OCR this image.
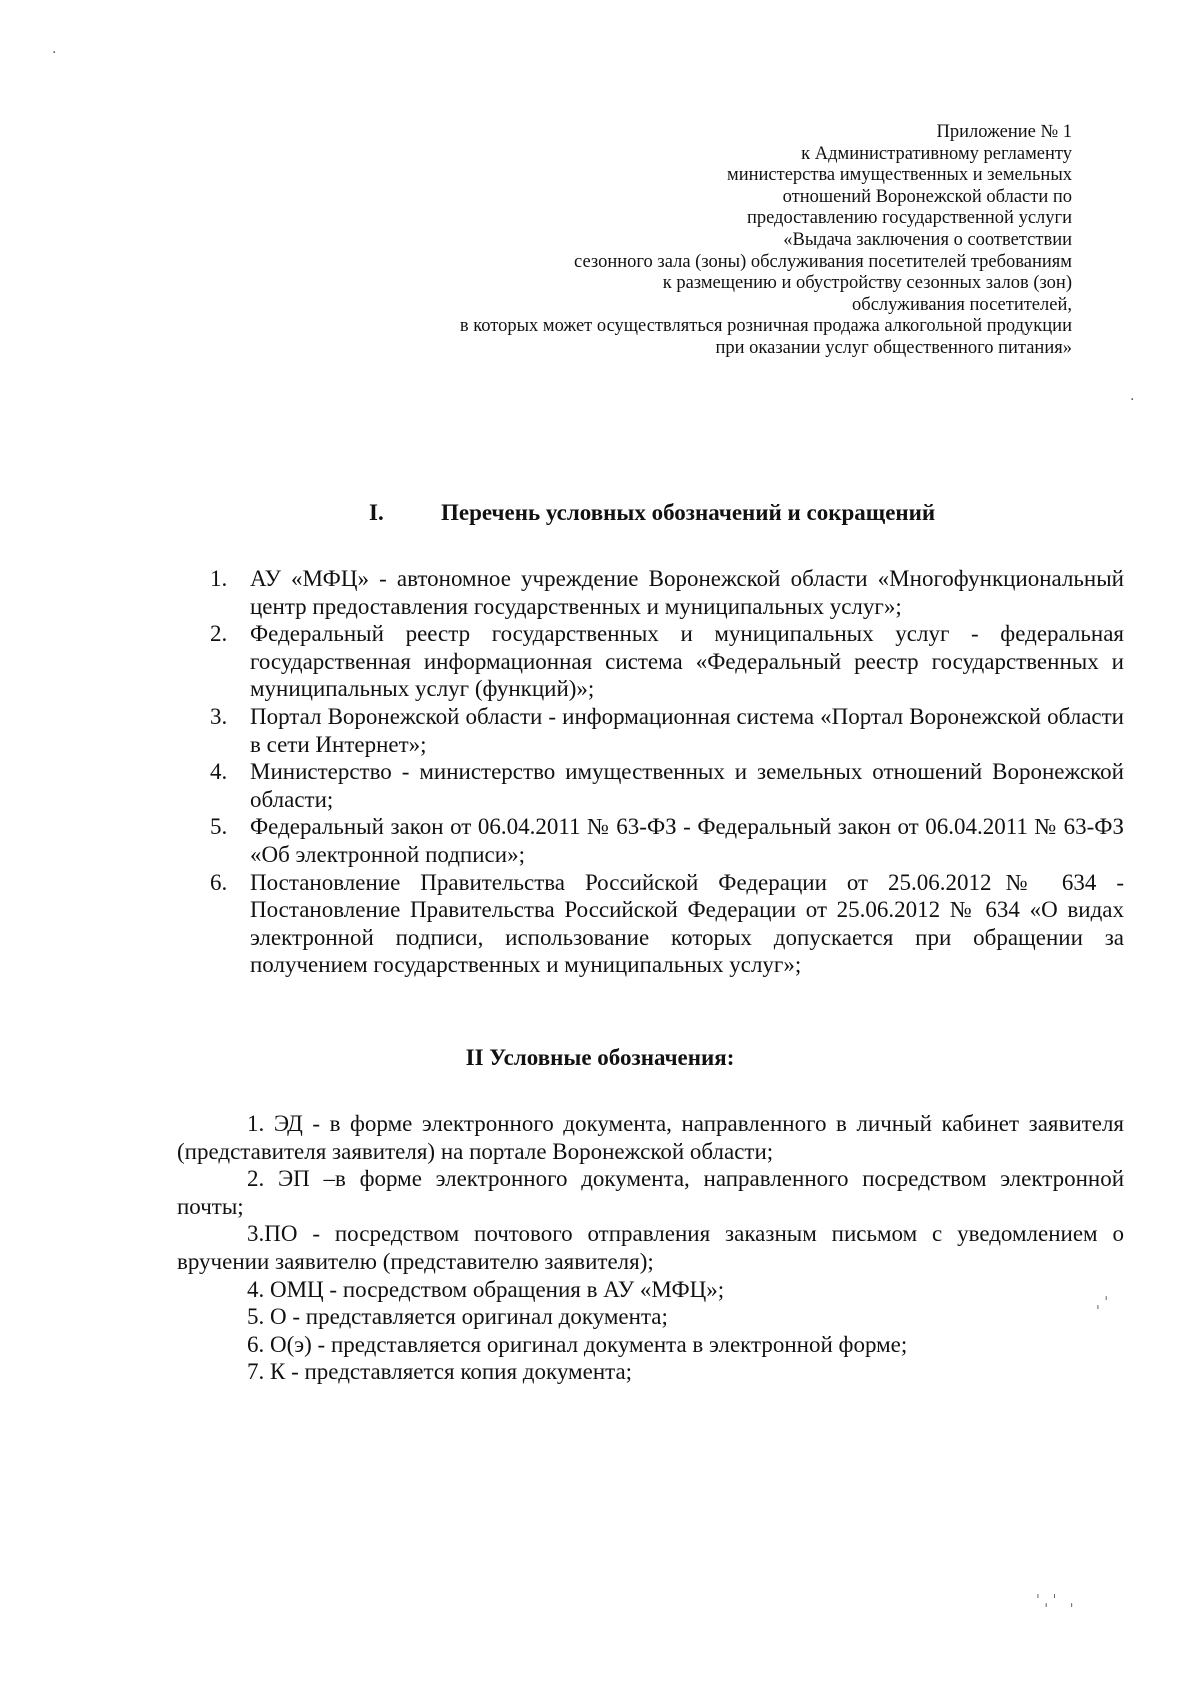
Приложение № 1
к Административному регламенту
министерства имущественных и земельных
отношений Воронежской области по
предоставлению государственной услуги
«Выдача заключения о соответствии
сезонного зала (зоны) обслуживания посетителей требованиям
к размещению и обустройству сезонных залов (зон)
обслуживания посетителей,
в которых может осуществляться розничная продажа алкогольной продукции
при оказании услуг общественного питания»
I. Перечень условных обозначений и сокращений
1. АУ «МФЦ» - автономное учреждение Воронежской области «Многофункциональный центр предоставления государственных и муниципальных услуг»;
2. Федеральный реестр государственных и муниципальных услуг - федеральная государственная информационная система «Федеральный реестр государственных и муниципальных услуг (функций)»;
3. Портал Воронежской области - информационная система «Портал Воронежской области в сети Интернет»;
4. Министерство - министерство имущественных и земельных отношений Воронежской области;
5. Федеральный закон от 06.04.2011 № 63-ФЗ - Федеральный закон от 06.04.2011 № 63-ФЗ «Об электронной подписи»;
6. Постановление Правительства Российской Федерации от 25.06.2012№ 634 - Постановление Правительства Российской Федерации от 25.06.2012 № 634 «О видах электронной подписи, использование которых допускается при обращении за получением государственных и муниципальных услуг»;
II Условные обозначения:

1. ЭД - в форме электронного документа, направленного в личный кабинет заявителя (представителя заявителя) на портале Воронежской области;

2. ЭП –в форме электронного документа, направленного посредством электронной почты;

3.ПО - посредством почтового отправления заказным письмом с уведомлением о вручении заявителю (представителю заявителя);

4. ОМЦ - посредством обращения в АУ «МФЦ»;

5. О - представляется оригинал документа;

6. О(э) - представляется оригинал документа в электронной форме;

7. К - представляется копия документа;

·
·
ˌ ˈ
ˈ ˌ ˈ   ˌ
